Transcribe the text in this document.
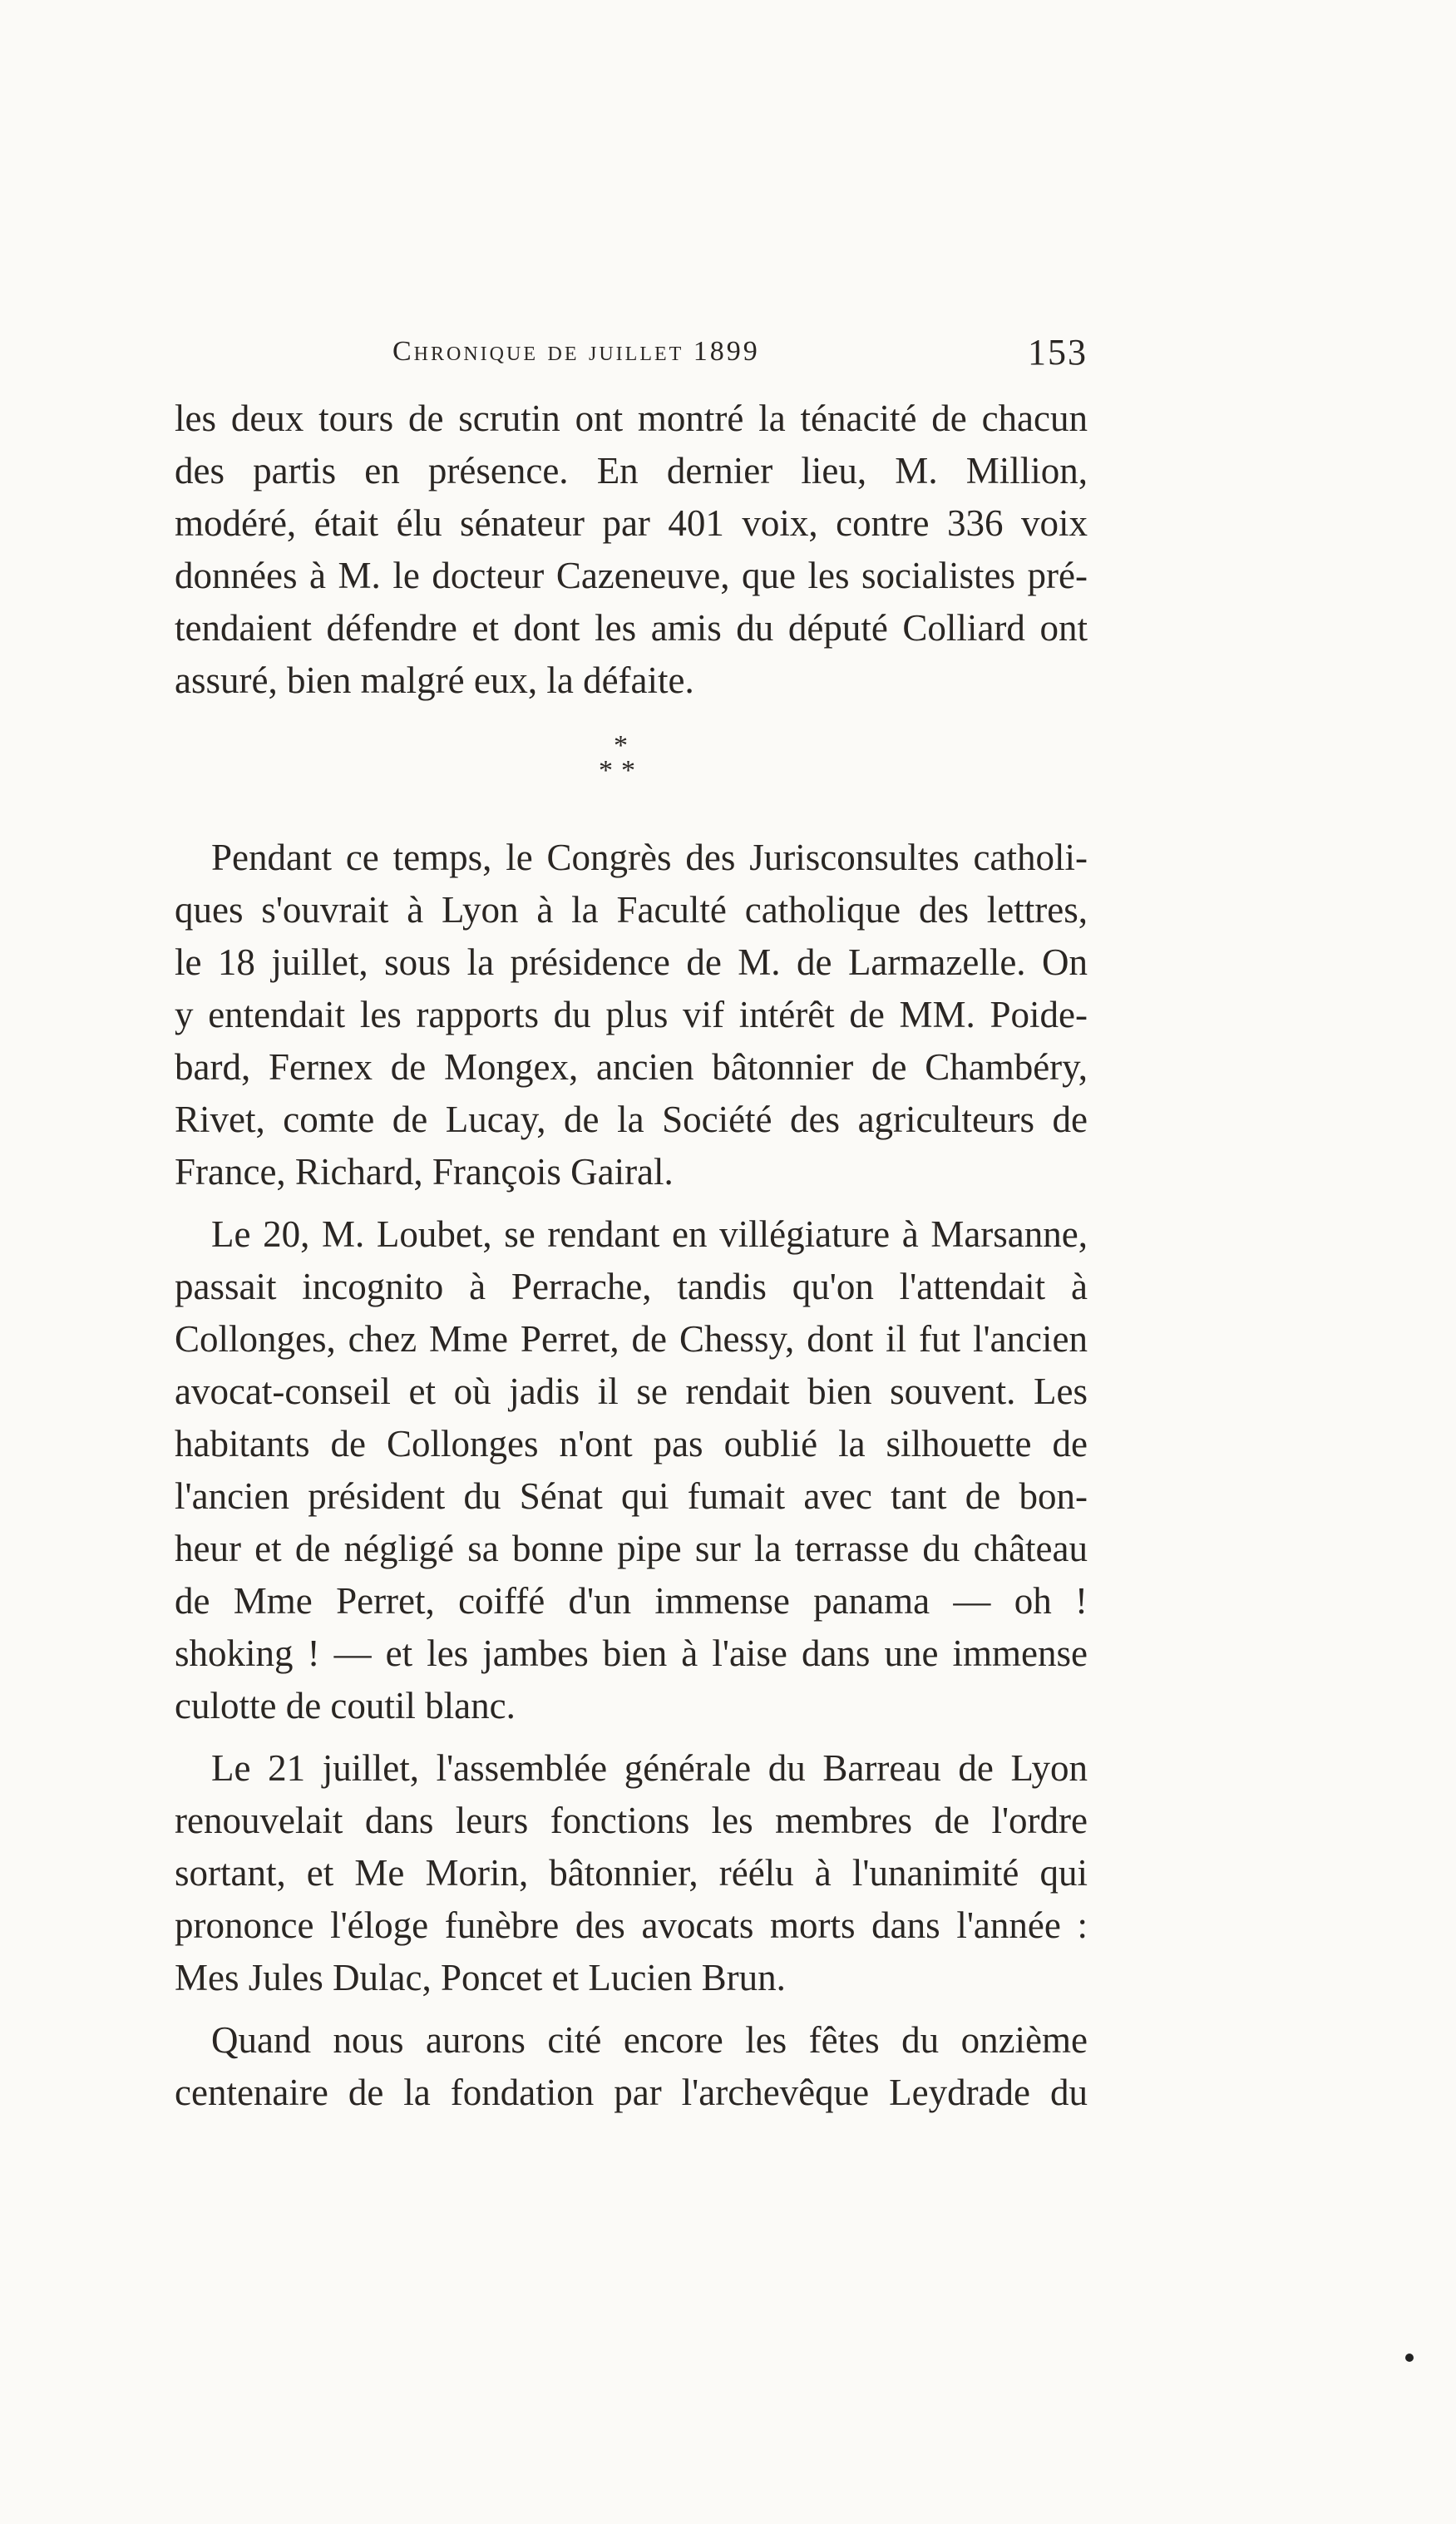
Chronique de juillet 1899	153
les deux tours de scrutin ont montré la ténacité de chacun
des partis en présence. En dernier lieu, M. Million,
modéré, était élu sénateur par 401 voix, contre 336 voix
données à M. le docteur Cazeneuve, que les socialistes pré-
tendaient défendre et dont les amis du député Colliard ont
assuré, bien malgré eux, la défaite.
*
**
Pendant ce temps, le Congrès des Jurisconsultes catholi-
ques s'ouvrait à Lyon à la Faculté catholique des lettres,
le 18 juillet, sous la présidence de M. de Larmazelle. On
y entendait les rapports du plus vif intérêt de MM. Poide-
bard, Fernex de Mongex, ancien bâtonnier de Chambéry,
Rivet, comte de Lucay, de la Société des agriculteurs de
France, Richard, François Gairal.
Le 20, M. Loubet, se rendant en villégiature à Marsanne,
passait incognito à Perrache, tandis qu'on l'attendait à
Collonges, chez Mme Perret, de Chessy, dont il fut l'ancien
avocat-conseil et où jadis il se rendait bien souvent. Les
habitants de Collonges n'ont pas oublié la silhouette de
l'ancien président du Sénat qui fumait avec tant de bon-
heur et de négligé sa bonne pipe sur la terrasse du château
de Mme Perret, coiffé d'un immense panama — oh !
shoking ! — et les jambes bien à l'aise dans une immense
culotte de coutil blanc.
Le 21 juillet, l'assemblée générale du Barreau de Lyon
renouvelait dans leurs fonctions les membres de l'ordre
sortant, et Me Morin, bâtonnier, réélu à l'unanimité qui
prononce l'éloge funèbre des avocats morts dans l'année :
Mes Jules Dulac, Poncet et Lucien Brun.
Quand nous aurons cité encore les fêtes du onzième
centenaire de la fondation par l'archevêque Leydrade du
